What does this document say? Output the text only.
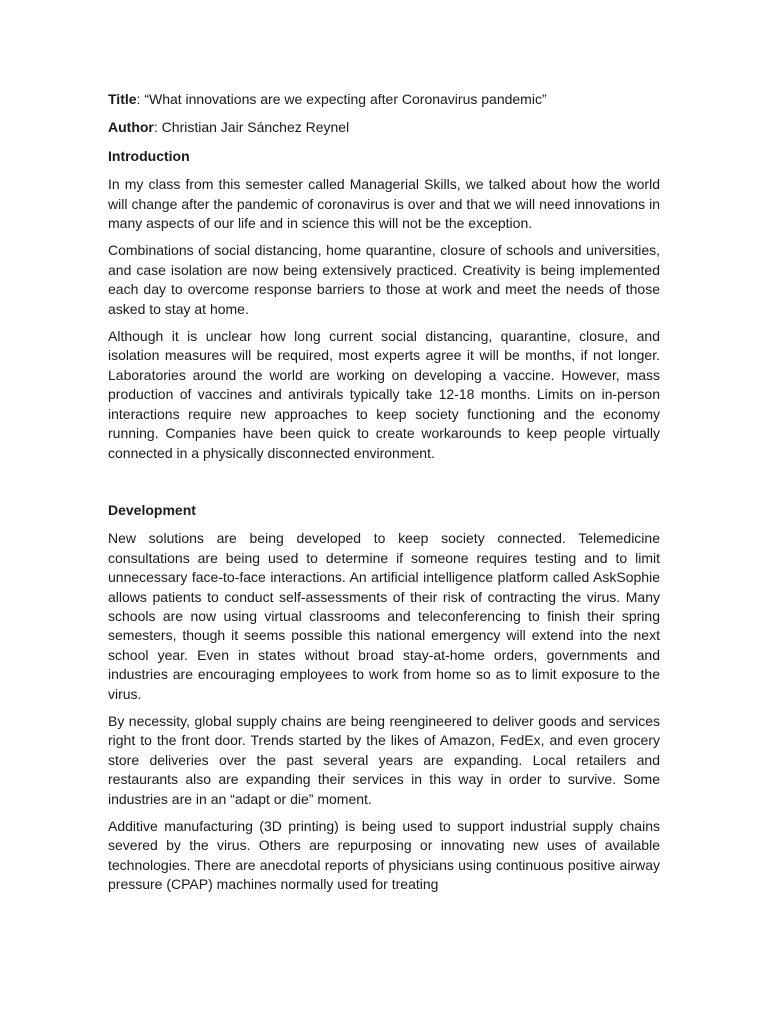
Title: “What innovations are we expecting after Coronavirus pandemic”
Author: Christian Jair Sánchez Reynel
Introduction

In my class from this semester called Managerial Skills, we talked about how the world will change after the pandemic of coronavirus is over and that we will need innovations in many aspects of our life and in science this will not be the exception.

Combinations of social distancing, home quarantine, closure of schools and universities, and case isolation are now being extensively practiced. Creativity is being implemented each day to overcome response barriers to those at work and meet the needs of those asked to stay at home.

Although it is unclear how long current social distancing, quarantine, closure, and isolation measures will be required, most experts agree it will be months, if not longer. Laboratories around the world are working on developing a vaccine. However, mass production of vaccines and antivirals typically take 12-18 months. Limits on in-person interactions require new approaches to keep society functioning and the economy running. Companies have been quick to create workarounds to keep people virtually connected in a physically disconnected environment.

Development

New solutions are being developed to keep society connected. Telemedicine consultations are being used to determine if someone requires testing and to limit unnecessary face-to-face interactions. An artificial intelligence platform called AskSophie allows patients to conduct self-assessments of their risk of contracting the virus. Many schools are now using virtual classrooms and teleconferencing to finish their spring semesters, though it seems possible this national emergency will extend into the next school year. Even in states without broad stay-at-home orders, governments and industries are encouraging employees to work from home so as to limit exposure to the virus.

By necessity, global supply chains are being reengineered to deliver goods and services right to the front door. Trends started by the likes of Amazon, FedEx, and even grocery store deliveries over the past several years are expanding. Local retailers and restaurants also are expanding their services in this way in order to survive. Some industries are in an “adapt or die” moment.

Additive manufacturing (3D printing) is being used to support industrial supply chains severed by the virus. Others are repurposing or innovating new uses of available technologies. There are anecdotal reports of physicians using continuous positive airway pressure (CPAP) machines normally used for treating
